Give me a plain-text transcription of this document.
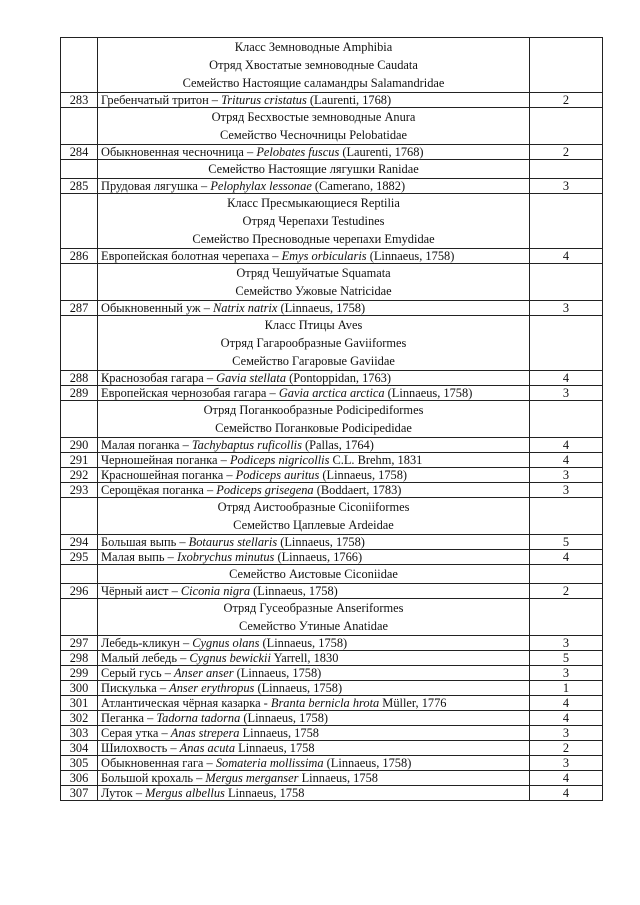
	Класс Земноводные Amphibia
Отряд Хвостатые земноводные Caudata
Семейство Настоящие саламандры Salamandridae	

283	Гребенчатый тритон – Triturus cristatus (Laurenti, 1768)	2

	Отряд Бесхвостые земноводные Anura
Семейство Чесночницы Pelobatidae	

284	Обыкновенная чесночница – Pelobates fuscus (Laurenti, 1768)	2

	Семейство Настоящие лягушки Ranidae	

285	Прудовая лягушка – Pelophylax lessonae (Camerano, 1882)	3

	Класс Пресмыкающиеся Reptilia
Отряд Черепахи Testudines
Семейство Пресноводные черепахи Emydidae	

286	Европейская болотная черепаха – Emys orbicularis (Linnaeus, 1758)	4

	Отряд Чешуйчатые Squamata
Семейство Ужовые Natricidae	

287	Обыкновенный уж – Natrix natrix (Linnaeus, 1758)	3

	Класс Птицы Aves
Отряд Гагарообразные Gaviiformes
Семейство Гагаровые Gaviidae	

288	Краснозобая гагара – Gavia stellata (Pontoppidan, 1763)	4
289	Европейская чернозобая гагара – Gavia arctica arctica (Linnaeus, 1758)	3

	Отряд Поганкообразные Podicipediformes
Семейство Поганковые Podicipedidae	

290	Малая поганка – Tachybaptus ruficollis (Pallas, 1764)	4
291	Черношейная поганка – Podiceps nigricollis C.L. Brehm, 1831	4
292	Красношейная поганка – Podiceps auritus (Linnaeus, 1758)	3
293	Серощёкая поганка – Podiceps grisegena (Boddaert, 1783)	3

	Отряд Аистообразные Ciconiiformes
Семейство Цаплевые Ardeidae	

294	Большая выпь – Botaurus stellaris (Linnaeus, 1758)	5
295	Малая выпь – Ixobrychus minutus (Linnaeus, 1766)	4

	Семейство Аистовые Ciconiidae	

296	Чёрный аист – Ciconia nigra (Linnaeus, 1758)	2

	Отряд Гусеобразные Anseriformes
Семейство Утиные Anatidae	

297	Лебедь-кликун – Cygnus olans (Linnaeus, 1758)	3
298	Малый лебедь – Cygnus bewickii Yarrell, 1830	5
299	Серый гусь – Anser anser (Linnaeus, 1758)	3
300	Пискулька – Anser erythropus (Linnaeus, 1758)	1
301	Атлантическая чёрная казарка - Branta bernicla hrota Müller, 1776	4
302	Пеганка – Tadorna tadorna (Linnaeus, 1758)	4
303	Серая утка – Anas strepera Linnaeus, 1758	3
304	Шилохвость – Anas acuta Linnaeus, 1758	2
305	Обыкновенная гага – Somateria mollissima (Linnaeus, 1758)	3
306	Большой крохаль – Mergus merganser Linnaeus, 1758	4
307	Луток – Mergus albellus Linnaeus, 1758	4
